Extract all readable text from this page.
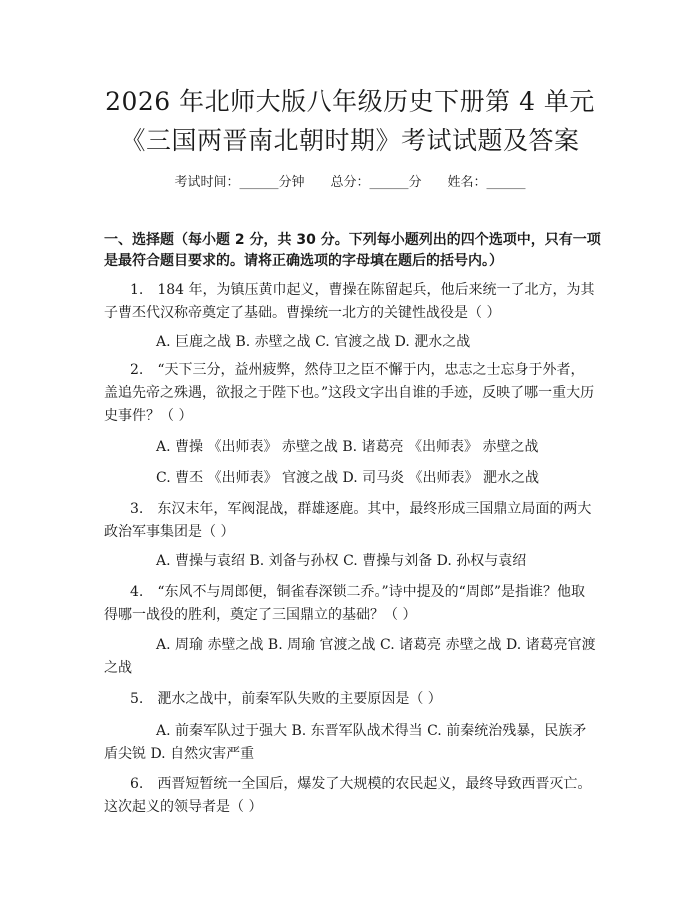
2026 年北师大版八年级历史下册第 4 单元
《三国两晋南北朝时期》考试试题及答案
考试时间：______分钟 总分：______分 姓名：______
一、选择题（每小题 2 分，共 30 分。下列每小题列出的四个选项中，只有一项是最符合题目要求的。请将正确选项的字母填在题后的括号内。）
1.　184 年，为镇压黄巾起义，曹操在陈留起兵，他后来统一了北方，为其子曹丕代汉称帝奠定了基础。曹操统一北方的关键性战役是（ ）
A. 巨鹿之战 B. 赤壁之战 C. 官渡之战 D. 淝水之战
2.　“天下三分，益州疲弊，然侍卫之臣不懈于内，忠志之士忘身于外者，盖追先帝之殊遇，欲报之于陛下也。”这段文字出自谁的手迹，反映了哪一重大历史事件？（ ）
A. 曹操 《出师表》 赤壁之战 B. 诸葛亮 《出师表》 赤壁之战
C. 曹丕 《出师表》 官渡之战 D. 司马炎 《出师表》 淝水之战
3.　东汉末年，军阀混战，群雄逐鹿。其中，最终形成三国鼎立局面的两大政治军事集团是（ ）
A. 曹操与袁绍 B. 刘备与孙权 C. 曹操与刘备 D. 孙权与袁绍
4.　“东风不与周郎便，铜雀春深锁二乔。”诗中提及的“周郎”是指谁？他取得哪一战役的胜利，奠定了三国鼎立的基础？（ ）
A. 周瑜 赤壁之战 B. 周瑜 官渡之战 C. 诸葛亮 赤壁之战 D. 诸葛亮官渡之战
5.　淝水之战中，前秦军队失败的主要原因是（ ）
A. 前秦军队过于强大 B. 东晋军队战术得当 C. 前秦统治残暴，民族矛盾尖锐 D. 自然灾害严重
6.　西晋短暂统一全国后，爆发了大规模的农民起义，最终导致西晋灭亡。这次起义的领导者是（ ）
